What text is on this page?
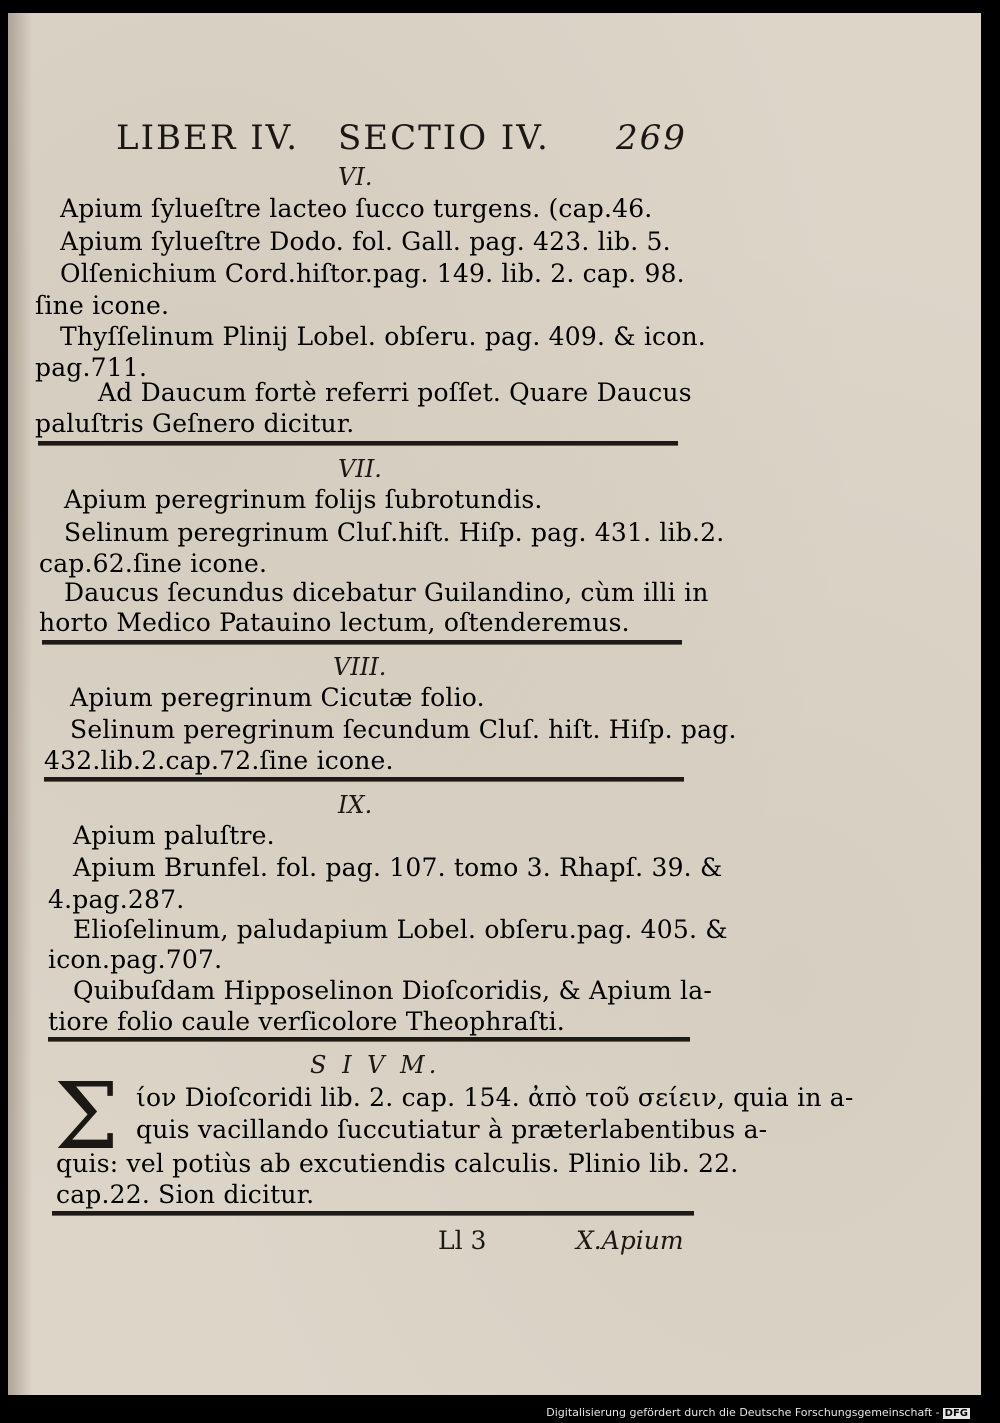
LIBER IV. SECTIO IV. 269
VI.
Apium ſylueſtre lacteo ſucco turgens. (cap.46.
Apium ſylueſtre Dodo. fol. Gall. pag. 423. lib. 5.
Olſenichium Cord.hiſtor.pag. 149. lib. 2. cap. 98.
ſine icone.
Thyſſelinum Plinij Lobel. obſeru. pag. 409. & icon.
pag.711.
Ad Daucum fortè referri poſſet. Quare Daucus
paluſtris Geſnero dicitur.
VII.
Apium peregrinum folijs ſubrotundis.
Selinum peregrinum Cluſ.hiſt. Hiſp. pag. 431. lib.2.
cap.62.ſine icone.
Daucus ſecundus dicebatur Guilandino, cùm illi in
horto Medico Patauino lectum, oſtenderemus.
VIII.
Apium peregrinum Cicutæ folio.
Selinum peregrinum ſecundum Cluſ. hiſt. Hiſp. pag.
432.lib.2.cap.72.ſine icone.
IX.
Apium paluſtre.
Apium Brunfel. fol. pag. 107. tomo 3. Rhapſ. 39. &
4.pag.287.
Elioſelinum, paludapium Lobel. obſeru.pag. 405. &
icon.pag.707.
Quibuſdam Hipposelinon Dioſcoridis, & Apium la-
tiore folio caule verſicolore Theophraſti.
S I V M.
Σ ίον Dioſcoridi lib. 2. cap. 154. ἀπὸ τοῦ σείειν, quia in a-
quis vacillando ſuccutiatur à præterlabentibus a-
quis: vel potiùs ab excutiendis calculis. Plinio lib. 22.
cap.22. Sion dicitur.
Ll 3	X.Apium
Digitalisierung gefördert durch die Deutsche Forschungsgemeinschaft - DFG
